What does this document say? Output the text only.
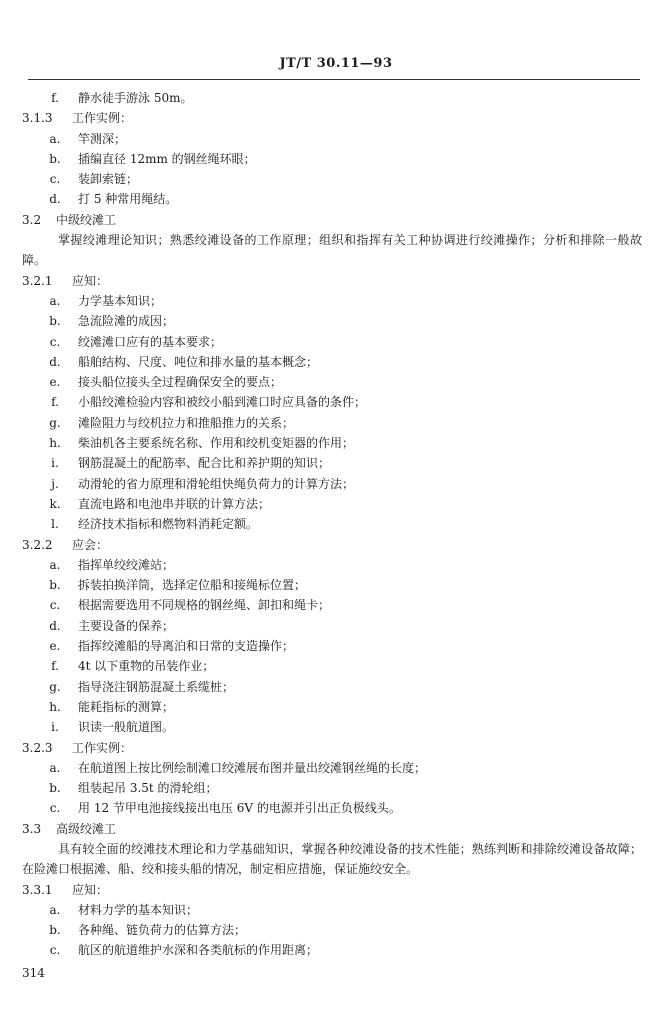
JT/T 30.11—93
f. 静水徒手游泳 50m。
3.1.3 工作实例：
a. 竿测深；
b. 插编直径 12mm 的钢丝绳环眼；
c. 装卸索链；
d. 打 5 种常用绳结。
3.2 中级绞滩工

掌握绞滩理论知识；熟悉绞滩设备的工作原理；组织和指挥有关工种协调进行绞滩操作；分析和排除一般故障。

3.2.1 应知：
a. 力学基本知识；
b. 急流险滩的成因；
c. 绞滩滩口应有的基本要求；
d. 船舶结构、尺度、吨位和排水量的基本概念；
e. 接头船位接头全过程确保安全的要点；
f. 小船绞滩检验内容和被绞小船到滩口时应具备的条件；
g. 滩险阻力与绞机拉力和推船推力的关系；
h. 柴油机各主要系统名称、作用和绞机变矩器的作用；
i. 钢筋混凝土的配筋率、配合比和养护期的知识；
j. 动滑轮的省力原理和滑轮组快绳负荷力的计算方法；
k. 直流电路和电池串并联的计算方法；
l. 经济技术指标和燃物料消耗定额。
3.2.2 应会：
a. 指挥单绞绞滩站；
b. 拆装拍换洋筒，选择定位船和接绳标位置；
c. 根据需要选用不同规格的钢丝绳、卸扣和绳卡；
d. 主要设备的保养；
e. 指挥绞滩船的导离泊和日常的支造操作；
f. 4t 以下重物的吊装作业；
g. 指导浇注钢筋混凝土系缆桩；
h. 能耗指标的测算；
i. 识读一般航道图。
3.2.3 工作实例：
a. 在航道图上按比例绘制滩口绞滩展布图并量出绞滩钢丝绳的长度；
b. 组装起吊 3.5t 的滑轮组；
c. 用 12 节甲电池接线接出电压 6V 的电源并引出正负极线头。
3.3 高级绞滩工

具有较全面的绞滩技术理论和力学基础知识，掌握各种绞滩设备的技术性能；熟练判断和排除绞滩设备故障；在险滩口根据滩、船、绞和接头船的情况，制定相应措施，保证施绞安全。

3.3.1 应知：
a. 材料力学的基本知识；
b. 各种绳、链负荷力的估算方法；
c. 航区的航道维护水深和各类航标的作用距离；
314
